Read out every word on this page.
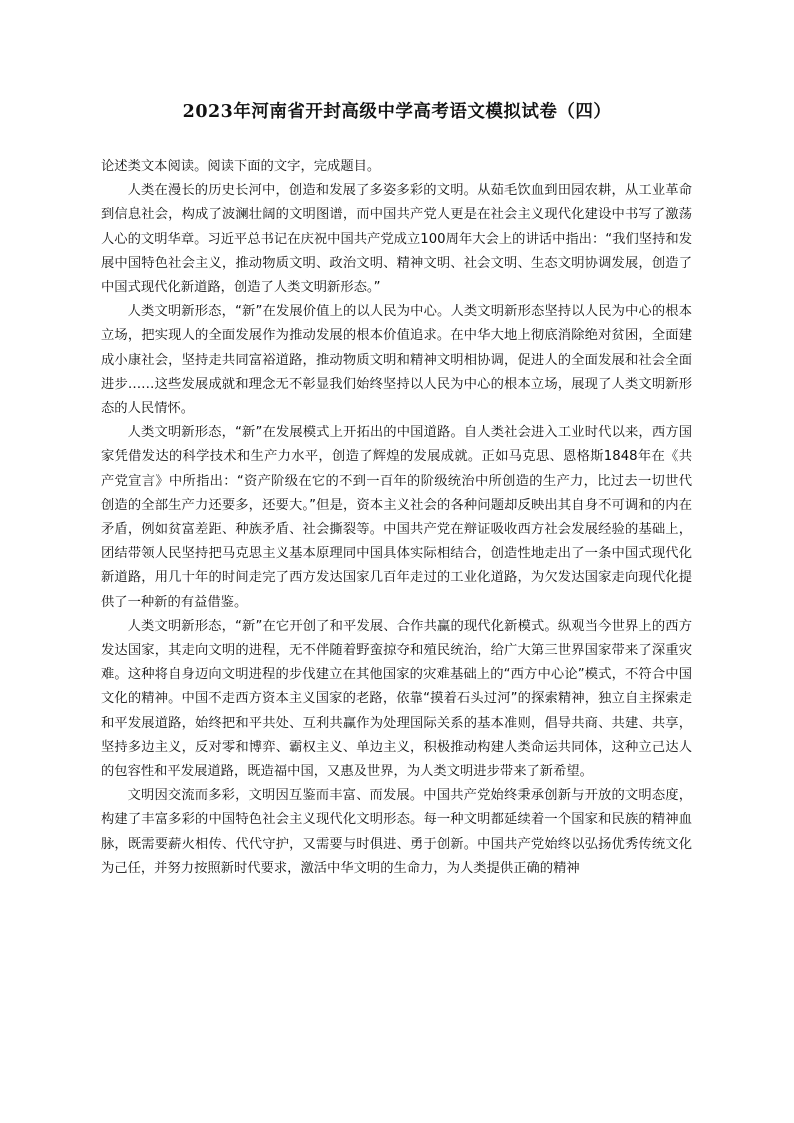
2023年河南省开封高级中学高考语文模拟试卷（四）

论述类文本阅读。阅读下面的文字，完成题目。

人类在漫长的历史长河中，创造和发展了多姿多彩的文明。从茹毛饮血到田园农耕，从工业革命到信息社会，构成了波澜壮阔的文明图谱，而中国共产党人更是在社会主义现代化建设中书写了激荡人心的文明华章。习近平总书记在庆祝中国共产党成立100周年大会上的讲话中指出：“我们坚持和发展中国特色社会主义，推动物质文明、政治文明、精神文明、社会文明、生态文明协调发展，创造了中国式现代化新道路，创造了人类文明新形态。”

人类文明新形态，“新”在发展价值上的以人民为中心。人类文明新形态坚持以人民为中心的根本立场，把实现人的全面发展作为推动发展的根本价值追求。在中华大地上彻底消除绝对贫困，全面建成小康社会，坚持走共同富裕道路，推动物质文明和精神文明相协调，促进人的全面发展和社会全面进步……这些发展成就和理念无不彰显我们始终坚持以人民为中心的根本立场，展现了人类文明新形态的人民情怀。

人类文明新形态，“新”在发展模式上开拓出的中国道路。自人类社会进入工业时代以来，西方国家凭借发达的科学技术和生产力水平，创造了辉煌的发展成就。正如马克思、恩格斯1848年在《共产党宣言》中所指出：“资产阶级在它的不到一百年的阶级统治中所创造的生产力，比过去一切世代创造的全部生产力还要多，还要大。”但是，资本主义社会的各种问题却反映出其自身不可调和的内在矛盾，例如贫富差距、种族矛盾、社会撕裂等。中国共产党在辩证吸收西方社会发展经验的基础上，团结带领人民坚持把马克思主义基本原理同中国具体实际相结合，创造性地走出了一条中国式现代化新道路，用几十年的时间走完了西方发达国家几百年走过的工业化道路，为欠发达国家走向现代化提供了一种新的有益借鉴。

人类文明新形态，“新”在它开创了和平发展、合作共赢的现代化新模式。纵观当今世界上的西方发达国家，其走向文明的进程，无不伴随着野蛮掠夺和殖民统治，给广大第三世界国家带来了深重灾难。这种将自身迈向文明进程的步伐建立在其他国家的灾难基础上的“西方中心论”模式，不符合中国文化的精神。中国不走西方资本主义国家的老路，依靠“摸着石头过河”的探索精神，独立自主探索走和平发展道路，始终把和平共处、互利共赢作为处理国际关系的基本准则，倡导共商、共建、共享，坚持多边主义，反对零和博弈、霸权主义、单边主义，积极推动构建人类命运共同体，这种立己达人的包容性和平发展道路，既造福中国，又惠及世界，为人类文明进步带来了新希望。

文明因交流而多彩，文明因互鉴而丰富、而发展。中国共产党始终秉承创新与开放的文明态度，构建了丰富多彩的中国特色社会主义现代化文明形态。每一种文明都延续着一个国家和民族的精神血脉，既需要薪火相传、代代守护，又需要与时俱进、勇于创新。中国共产党始终以弘扬优秀传统文化为己任，并努力按照新时代要求，激活中华文明的生命力，为人类提供正确的精神
